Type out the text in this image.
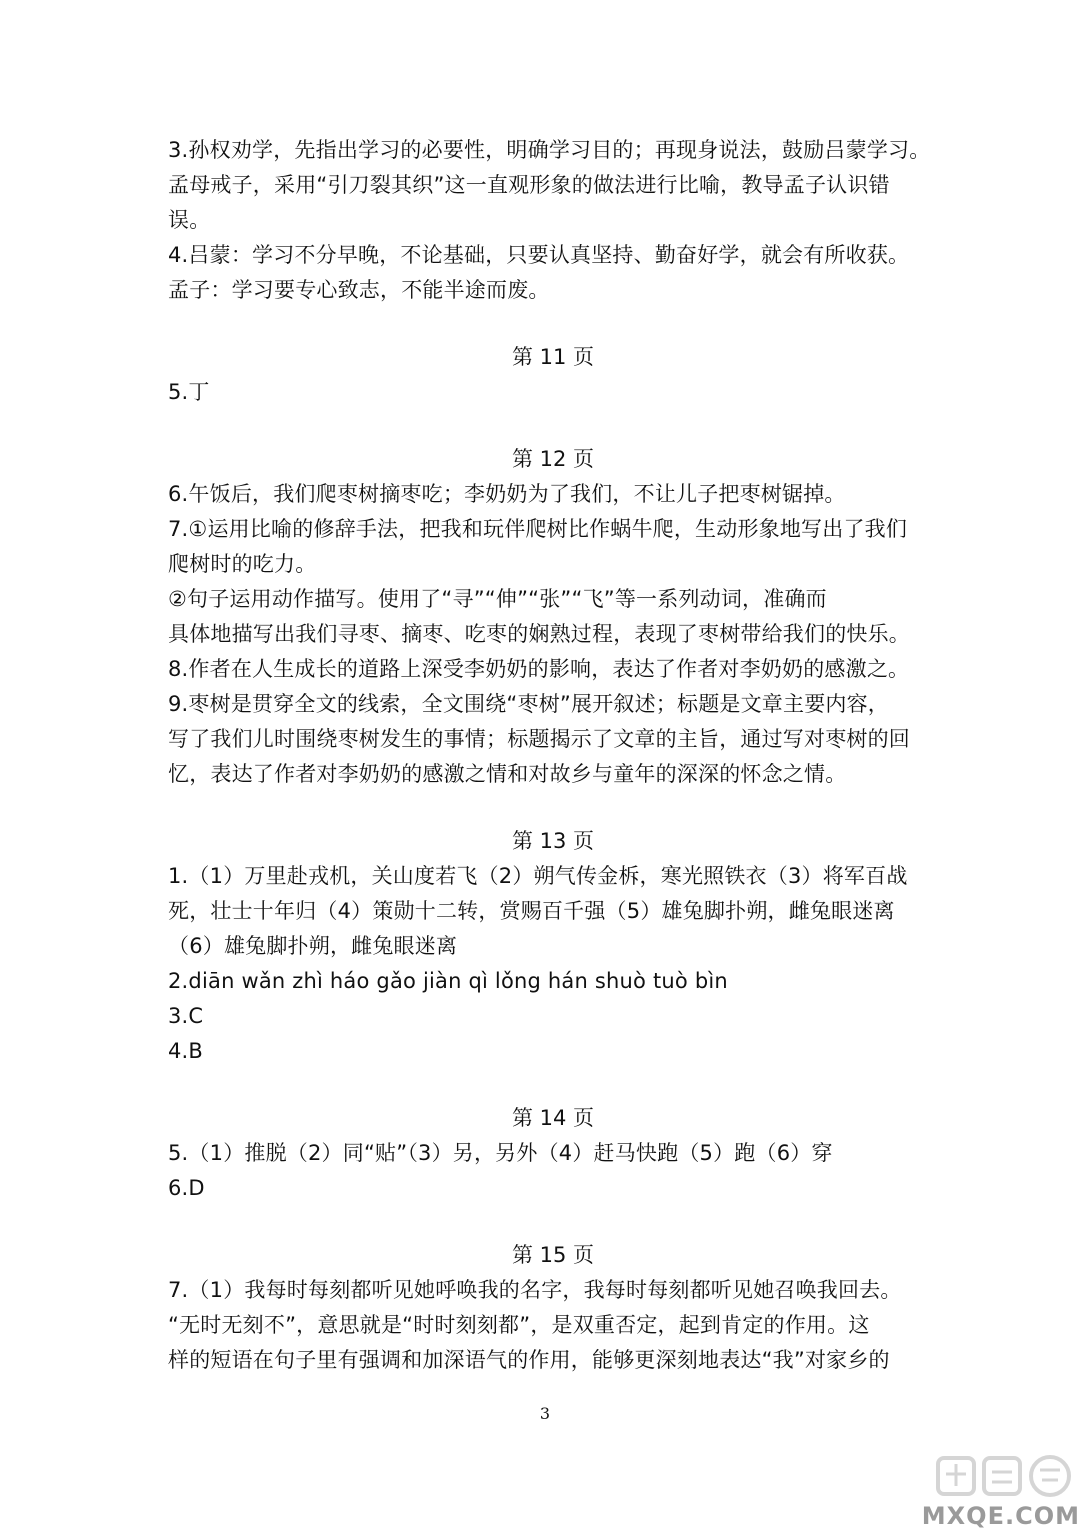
3.孙权劝学，先指出学习的必要性，明确学习目的；再现身说法，鼓励吕蒙学习。
孟母戒子，采用“引刀裂其织”这一直观形象的做法进行比喻，教导孟子认识错
误。
4.吕蒙：学习不分早晚，不论基础，只要认真坚持、勤奋好学，就会有所收获。
孟子：学习要专心致志，不能半途而废。
第 11 页
5.丁
第 12 页
6.午饭后，我们爬枣树摘枣吃；李奶奶为了我们，不让儿子把枣树锯掉。
7.①运用比喻的修辞手法，把我和玩伴爬树比作蜗牛爬，生动形象地写出了我们
爬树时的吃力。
②句子运用动作描写。使用了“寻”“伸”“张”“飞”等一系列动词，准确而
具体地描写出我们寻枣、摘枣、吃枣的娴熟过程，表现了枣树带给我们的快乐。
8.作者在人生成长的道路上深受李奶奶的影响，表达了作者对李奶奶的感激之。
9.枣树是贯穿全文的线索，全文围绕“枣树”展开叙述；标题是文章主要内容，
写了我们儿时围绕枣树发生的事情；标题揭示了文章的主旨，通过写对枣树的回
忆，表达了作者对李奶奶的感激之情和对故乡与童年的深深的怀念之情。
第 13 页
1.（1）万里赴戎机，关山度若飞（2）朔气传金柝，寒光照铁衣（3）将军百战
死，壮士十年归（4）策勋十二转，赏赐百千强（5）雄兔脚扑朔，雌兔眼迷离
（6）雄兔脚扑朔，雌兔眼迷离
2.diān wǎn zhì háo gǎo jiàn qì lǒng hán shuò tuò bìn
3.C
4.B
第 14 页
5.（1）推脱（2）同“贴”（3）另，另外（4）赶马快跑（5）跑（6）穿
6.D
第 15 页
7.（1）我每时每刻都听见她呼唤我的名字，我每时每刻都听见她召唤我回去。
“无时无刻不”，意思就是“时时刻刻都”，是双重否定，起到肯定的作用。这
样的短语在句子里有强调和加深语气的作用，能够更深刻地表达“我”对家乡的
3
MXQE.COM
